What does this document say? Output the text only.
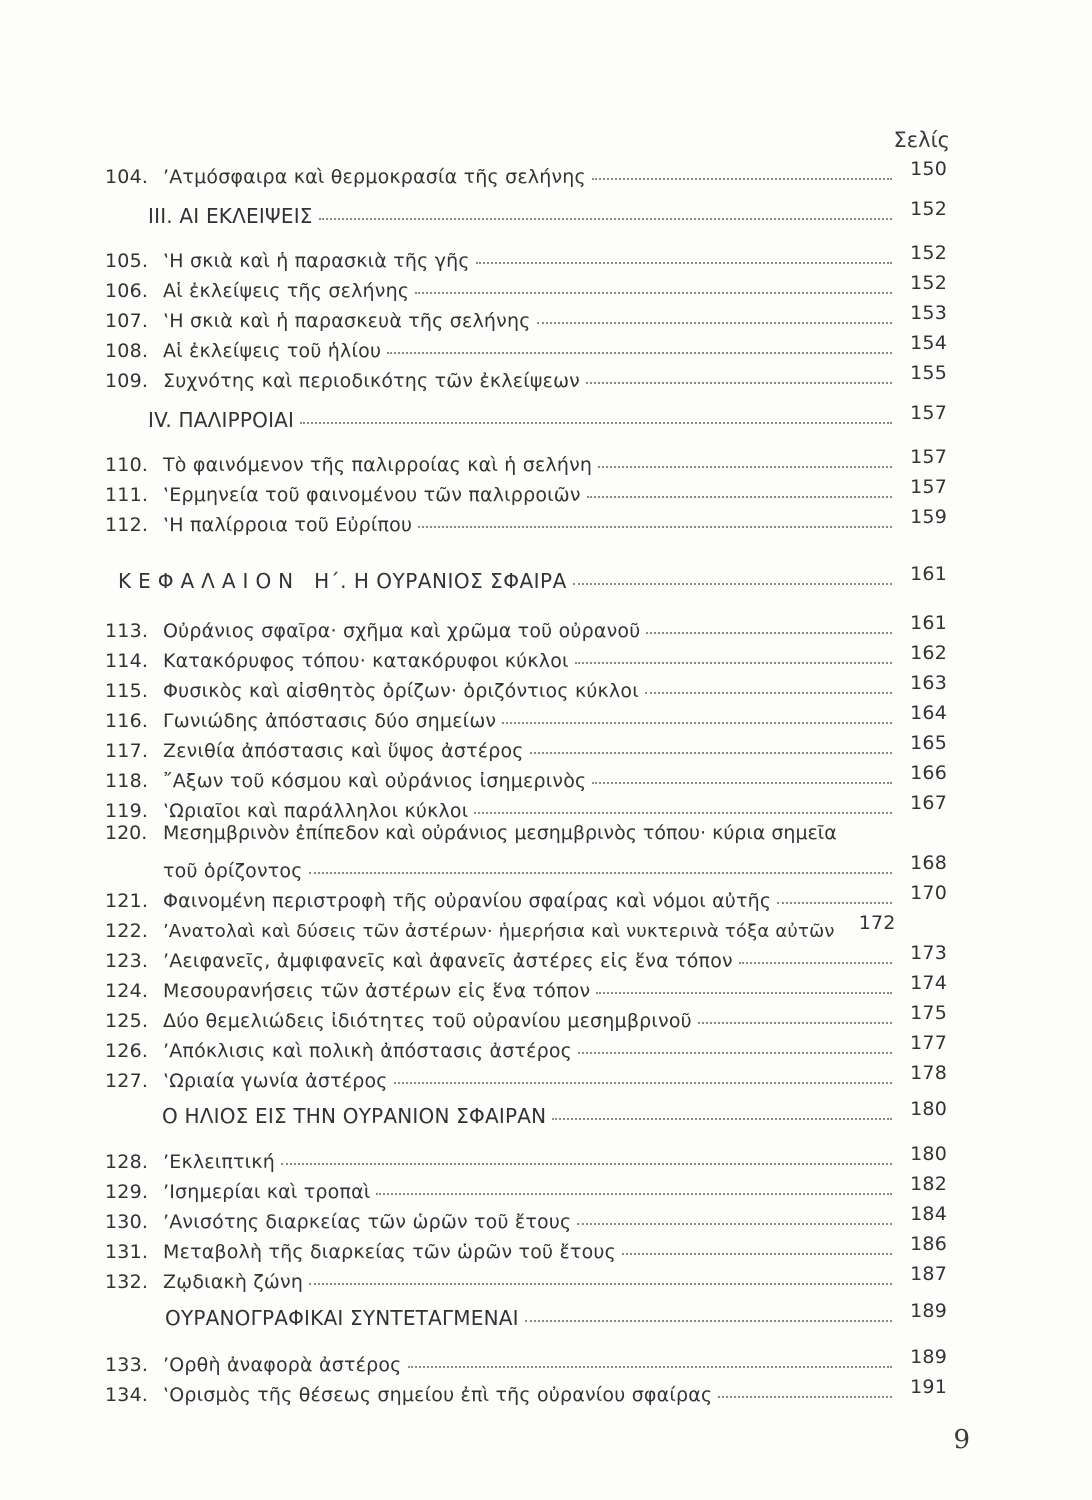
Σελίς
104. ’Ατμόσφαιρα καὶ θερμοκρασία τῆς σελήνης	150
III. AI ΕΚΛΕΙΨΕΙΣ	152
105. ‛Η σκιὰ καὶ ἡ παρασκιὰ τῆς γῆς	152
106. Αἱ ἐκλείψεις τῆς σελήνης	152
107. ‛Η σκιὰ καὶ ἡ παρασκευὰ τῆς σελήνης	153
108. Αἱ ἐκλείψεις τοῦ ἡλίου	154
109. Συχνότης καὶ περιοδικότης τῶν ἐκλείψεων	155
IV. ΠΑΛΙΡΡΟΙΑΙ	157
110. Τὸ φαινόμενον τῆς παλιρροίας καὶ ἡ σελήνη	157
111. ‛Ερμηνεία τοῦ φαινομένου τῶν παλιρροιῶν	157
112. ‛Η παλίρροια τοῦ Εὐρίπου	159
ΚΕΦΑΛΑΙΟΝ Η΄. Η ΟΥΡΑΝΙΟΣ ΣΦΑΙΡΑ	161
113. Οὐράνιος σφαῖρα· σχῆμα καὶ χρῶμα τοῦ οὐρανοῦ	161
114. Κατακόρυφος τόπου· κατακόρυφοι κύκλοι	162
115. Φυσικὸς καὶ αἰσθητὸς ὁρίζων· ὁριζόντιος κύκλοι	163
116. Γωνιώδης ἀπόστασις δύο σημείων	164
117. Ζενιθία ἀπόστασις καὶ ὕψος ἀστέρος	165
118. ῎Αξων τοῦ κόσμου καὶ οὐράνιος ἰσημερινὸς	166
119. ‛Ωριαῖοι καὶ παράλληλοι κύκλοι	167
120. Μεσημβρινὸν ἐπίπεδον καὶ οὐράνιος μεσημβρινὸς τόπου· κύρια σημεῖα
τοῦ ὁρίζοντος	168
121. Φαινομένη περιστροφὴ τῆς οὐρανίου σφαίρας καὶ νόμοι αὐτῆς	170
122. ’Ανατολαὶ καὶ δύσεις τῶν ἀστέρων· ἡμερήσια καὶ νυκτερινὰ τόξα αὐτῶν	172
123. ’Αειφανεῖς, ἀμφιφανεῖς καὶ ἀφανεῖς ἀστέρες εἰς ἕνα τόπον	173
124. Μεσουρανήσεις τῶν ἀστέρων εἰς ἕνα τόπον	174
125. Δύο θεμελιώδεις ἰδιότητες τοῦ οὐρανίου μεσημβρινοῦ	175
126. ’Απόκλισις καὶ πολικὴ ἀπόστασις ἀστέρος	177
127. ‛Ωριαία γωνία ἀστέρος	178
Ο ΗΛΙΟΣ ΕΙΣ ΤΗΝ ΟΥΡΑΝΙΟΝ ΣΦΑΙΡΑΝ	180
128. ’Εκλειπτική	180
129. ’Ισημερίαι καὶ τροπαὶ	182
130. ’Ανισότης διαρκείας τῶν ὡρῶν τοῦ ἔτους	184
131. Μεταβολὴ τῆς διαρκείας τῶν ὡρῶν τοῦ ἔτους	186
132. Ζῳδιακὴ ζώνη	187
ΟΥΡΑΝΟΓΡΑΦΙΚΑΙ ΣΥΝΤΕΤΑΓΜΕΝΑΙ	189
133. ’Ορθὴ ἀναφορὰ ἀστέρος	189
134. ‛Ορισμὸς τῆς θέσεως σημείου ἐπὶ τῆς οὐρανίου σφαίρας	191
9
